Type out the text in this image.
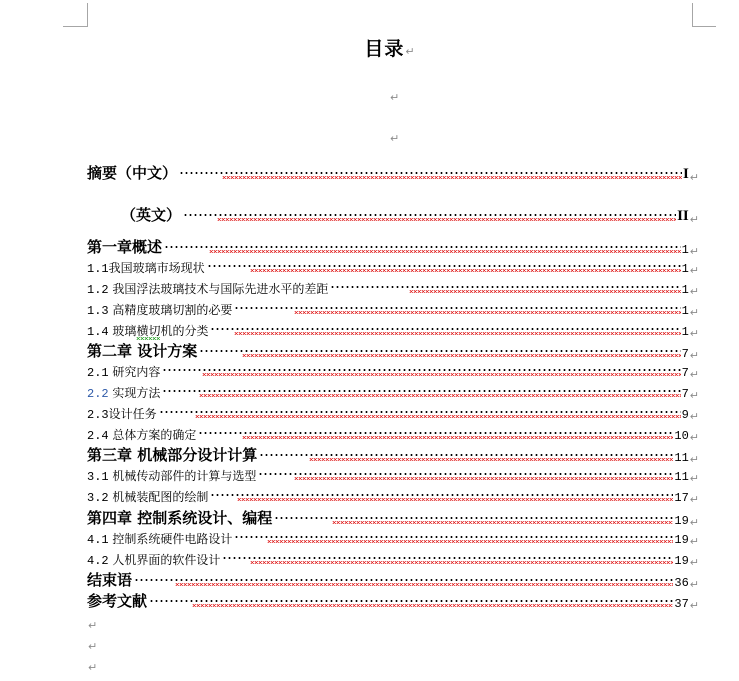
目录↵
↵
↵
摘要（中文）	I ↵
（英文）	II ↵
第一章概述	1 ↵
1.1我国玻璃市场现状	1 ↵
1.2 我国浮法玻璃技术与国际先进水平的差距	1 ↵
1.3 高精度玻璃切割的必要	1 ↵
1.4 玻璃横切机的分类	1 ↵
第二章 设计方案	7 ↵
2.1 研究内容	7 ↵
2.2 实现方法	7 ↵
2.3设计任务	9 ↵
2.4 总体方案的确定	10 ↵
第三章 机械部分设计计算	11 ↵
3.1 机械传动部件的计算与选型	11 ↵
3.2 机械装配图的绘制	17 ↵
第四章 控制系统设计、编程	19 ↵
4.1 控制系统硬件电路设计	19 ↵
4.2 人机界面的软件设计	19 ↵
结束语	36 ↵
参考文献	37 ↵
↵
↵
↵
